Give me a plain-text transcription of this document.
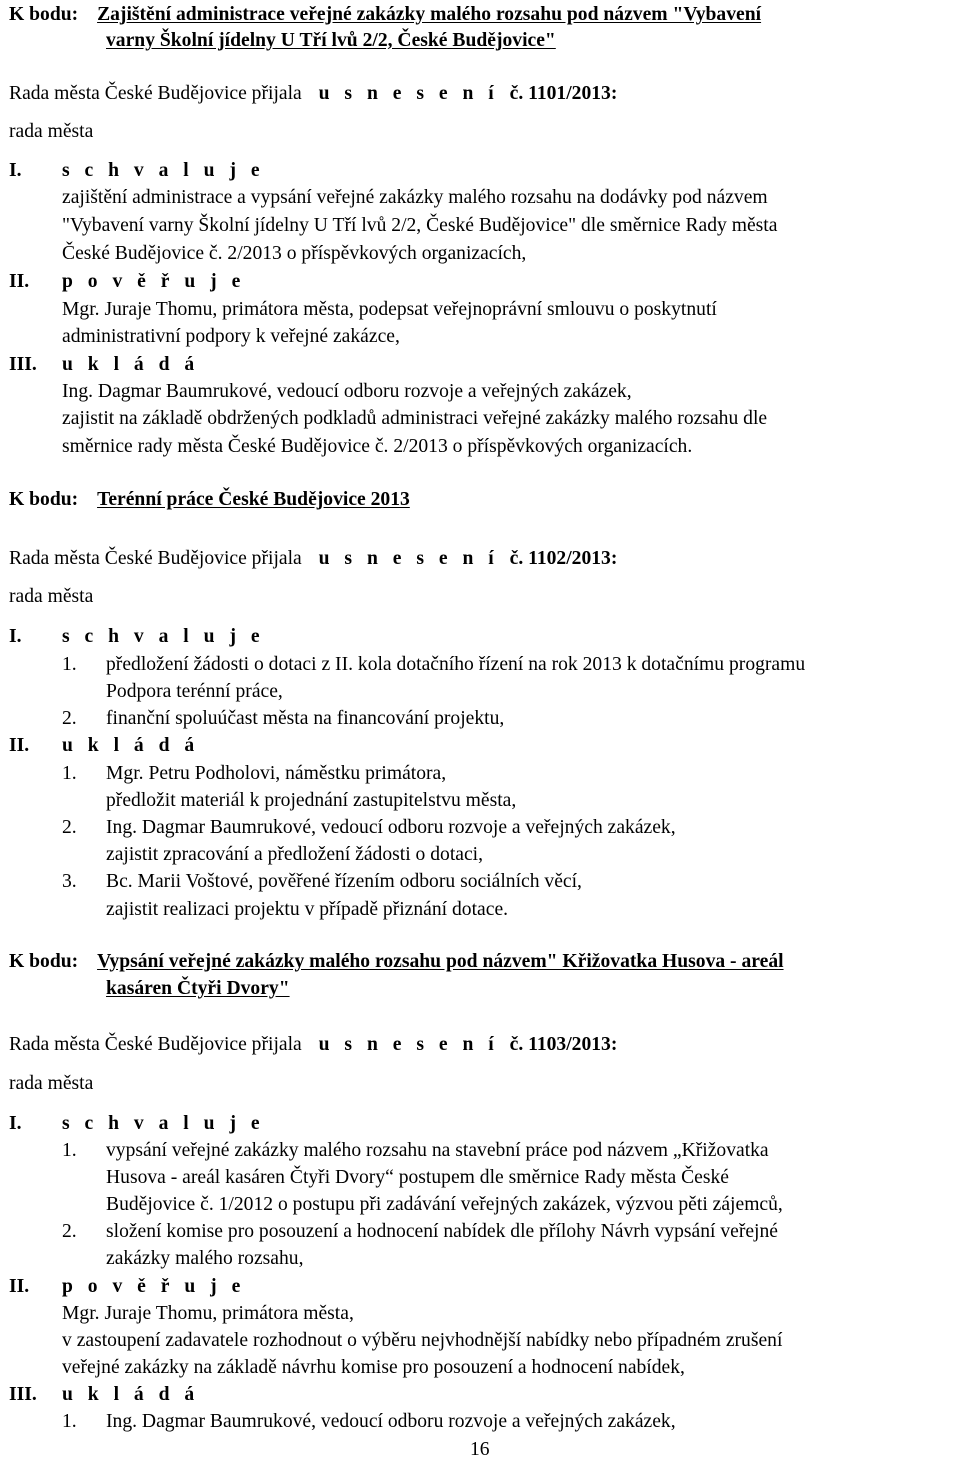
K bodu: Zajištění administrace veřejné zakázky malého rozsahu pod názvem "Vybavení
varny Školní jídelny U Tří lvů 2/2, České Budějovice"
Rada města České Budějovice přijala u s n e s e n í č. 1101/2013:
rada města
I. s c h v a l u j e
zajištění administrace a vypsání veřejné zakázky malého rozsahu na dodávky pod názvem
"Vybavení varny Školní jídelny U Tří lvů 2/2, České Budějovice" dle směrnice Rady města
České Budějovice č. 2/2013 o příspěvkových organizacích,
II. p o v ě ř u j e
Mgr. Juraje Thomu, primátora města, podepsat veřejnoprávní smlouvu o poskytnutí
administrativní podpory k veřejné zakázce,
III. u k l á d á
Ing. Dagmar Baumrukové, vedoucí odboru rozvoje a veřejných zakázek,
zajistit na základě obdržených podkladů administraci veřejné zakázky malého rozsahu dle
směrnice rady města České Budějovice č. 2/2013 o příspěvkových organizacích.
K bodu: Terénní práce České Budějovice 2013
Rada města České Budějovice přijala u s n e s e n í č. 1102/2013:
rada města
I. s c h v a l u j e
1. předložení žádosti o dotaci z II. kola dotačního řízení na rok 2013 k dotačnímu programu
Podpora terénní práce,
2. finanční spoluúčast města na financování projektu,
II. u k l á d á
1. Mgr. Petru Podholovi, náměstku primátora,
předložit materiál k projednání zastupitelstvu města,
2. Ing. Dagmar Baumrukové, vedoucí odboru rozvoje a veřejných zakázek,
zajistit zpracování a předložení žádosti o dotaci,
3. Bc. Marii Voštové, pověřené řízením odboru sociálních věcí,
zajistit realizaci projektu v případě přiznání dotace.
K bodu: Vypsání veřejné zakázky malého rozsahu pod názvem" Křižovatka Husova - areál
kasáren Čtyři Dvory"
Rada města České Budějovice přijala u s n e s e n í č. 1103/2013:
rada města
I. s c h v a l u j e
1. vypsání veřejné zakázky malého rozsahu na stavební práce pod názvem „Křižovatka
Husova - areál kasáren Čtyři Dvory“ postupem dle směrnice Rady města České
Budějovice č. 1/2012 o postupu při zadávání veřejných zakázek, výzvou pěti zájemců,
2. složení komise pro posouzení a hodnocení nabídek dle přílohy Návrh vypsání veřejné
zakázky malého rozsahu,
II. p o v ě ř u j e
Mgr. Juraje Thomu, primátora města,
v zastoupení zadavatele rozhodnout o výběru nejvhodnější nabídky nebo případném zrušení
veřejné zakázky na základě návrhu komise pro posouzení a hodnocení nabídek,
III. u k l á d á
1. Ing. Dagmar Baumrukové, vedoucí odboru rozvoje a veřejných zakázek,
16
